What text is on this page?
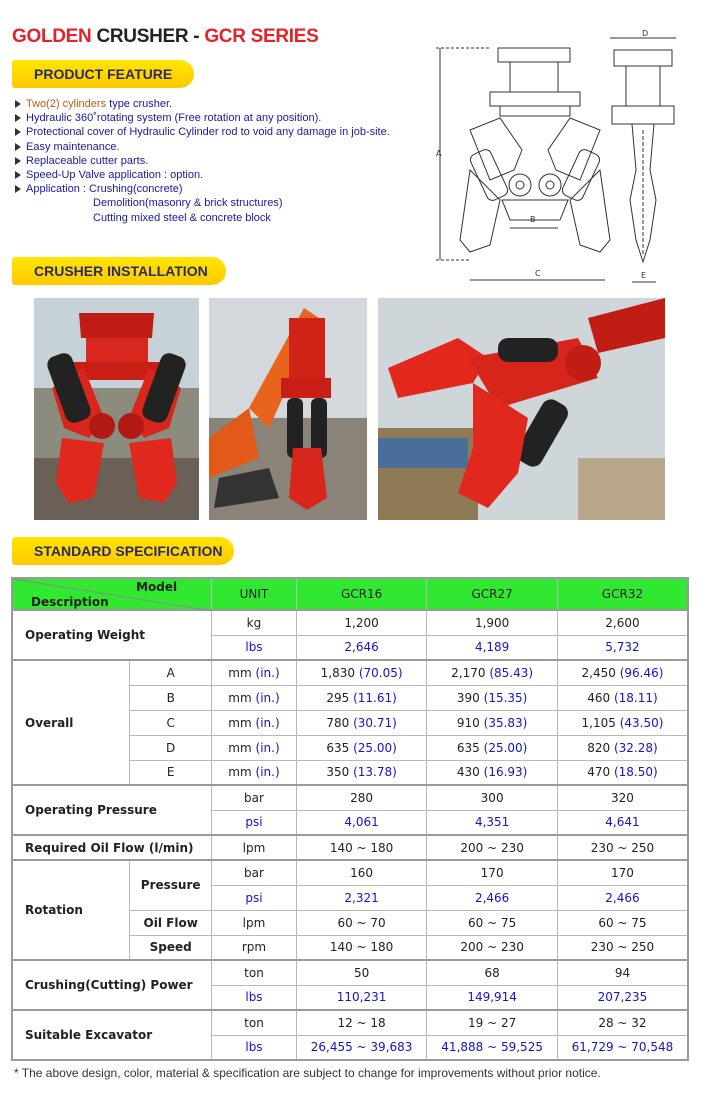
GOLDEN CRUSHER - GCR SERIES
PRODUCT FEATURE
Two(2) cylinders type crusher.
Hydraulic 360˚rotating system (Free rotation at any position).
Protectional cover of Hydraulic Cylinder rod to void any damage in job-site.
Easy maintenance.
Replaceable cutter parts.
Speed-Up Valve application : option.
Application : Crushing(concrete)
Demolition(masonry & brick structures)
Cutting mixed steel & concrete block
A
B
C
D
E
CRUSHER INSTALLATION
STANDARD SPECIFICATION
Model
Description		UNIT	GCR16	GCR27	GCR32
Operating Weight		kg	1,200	1,900	2,600
		lbs	2,646	4,189	5,732
Overall	A	mm (in.)	1,830 (70.05)	2,170 (85.43)	2,450 (96.46)
	B	mm (in.)	295 (11.61)	390 (15.35)	460 (18.11)
	C	mm (in.)	780 (30.71)	910 (35.83)	1,105 (43.50)
	D	mm (in.)	635 (25.00)	635 (25.00)	820 (32.28)
	E	mm (in.)	350 (13.78)	430 (16.93)	470 (18.50)
Operating Pressure		bar	280	300	320
		psi	4,061	4,351	4,641
Required Oil Flow (l/min)		lpm	140 ~ 180	200 ~ 230	230 ~ 250
Rotation	Pressure	bar	160	170	170
		psi	2,321	2,466	2,466
	Oil Flow	lpm	60 ~ 70	60 ~ 75	60 ~ 75
	Speed	rpm	140 ~ 180	200 ~ 230	230 ~ 250
Crushing(Cutting) Power		ton	50	68	94
		lbs	110,231	149,914	207,235
Suitable Excavator		ton	12 ~ 18	19 ~ 27	28 ~ 32
		lbs	26,455 ~ 39,683	41,888 ~ 59,525	61,729 ~ 70,548
* The above design, color, material & specification are subject to change for improvements without prior notice.
